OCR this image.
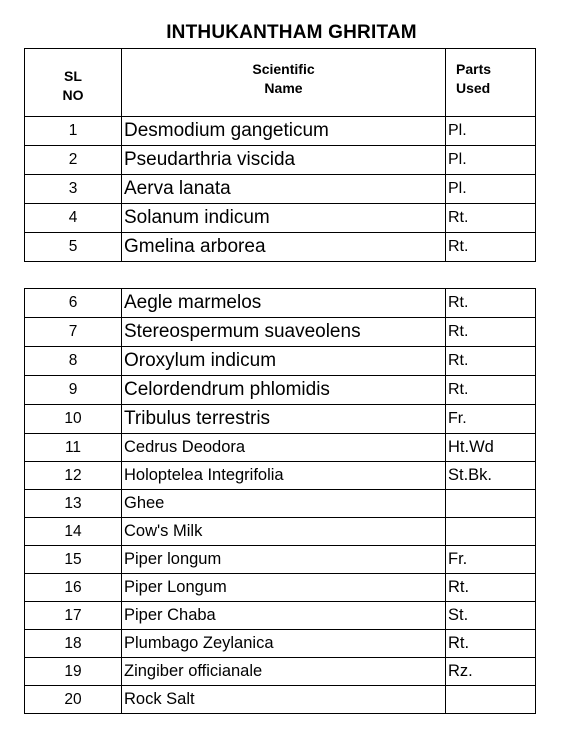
INTHUKANTHAM GHRITAM
SL NO	Scientific Name	Parts Used
1	Desmodium gangeticum	Pl.
2	Pseudarthria viscida	Pl.
3	Aerva lanata	Pl.
4	Solanum indicum	Rt.
5	Gmelina arborea	Rt.
6	Aegle marmelos	Rt.
7	Stereospermum suaveolens	Rt.
8	Oroxylum indicum	Rt.
9	Celordendrum phlomidis	Rt.
10	Tribulus terrestris	Fr.
11	Cedrus Deodora	Ht.Wd
12	Holoptelea Integrifolia	St.Bk.
13	Ghee	
14	Cow's Milk	
15	Piper longum	Fr.
16	Piper Longum	Rt.
17	Piper Chaba	St.
18	Plumbago Zeylanica	Rt.
19	Zingiber officianale	Rz.
20	Rock Salt	
